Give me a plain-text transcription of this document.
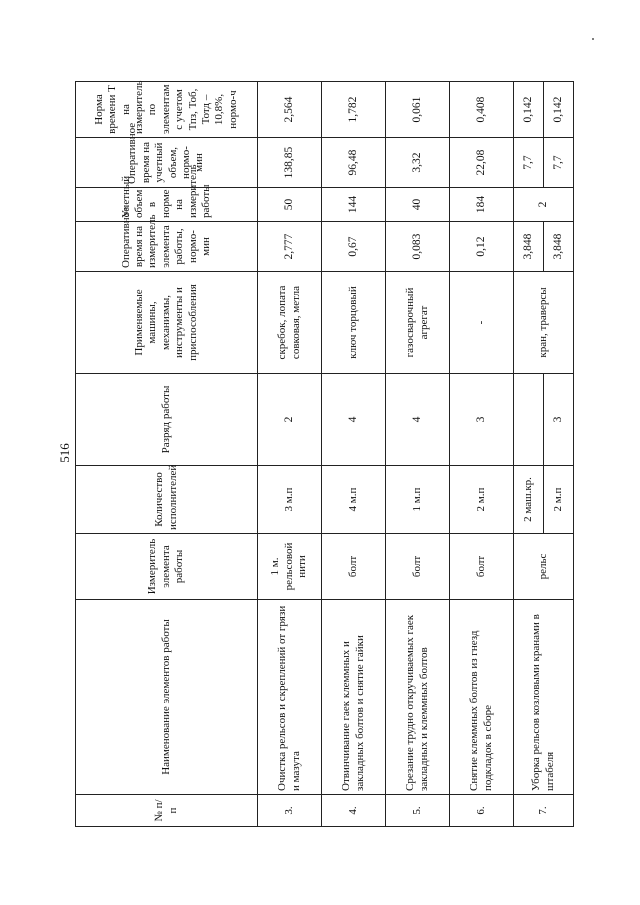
516
№ п/п	Наименование элементов работы	Измеритель элемента работы	Количество исполнителей	Разряд работы	Применяемые машины, механизмы, инструменты и приспособления	Оперативное время на измеритель элемента работы, нормо-мин	Учетный объем в норме на измеритель работы	Оперативное время на учетный объем, нормо-мин	Норма времени Т на измеритель по элементам с учетом Тпз, Тоб, Тотд – 10,8%, нормо-ч
3.	Очистка рельсов и скреплений от грязи и мазута	1 м. рельсовой нити	3 м.п	2	скребок, лопата совковая, метла	2,777	50	138,85	2,564
4.	Отвинчивание гаек клеммных и закладных болтов и снятие гайки	болт	4 м.п	4	ключ торцовый	0,67	144	96,48	1,782
5.	Срезание трудно откручиваемых гаек закладных и клеммных болтов	болт	1 м.п	4	газосварочный агрегат	0,083	40	3,32	0,061
6.	Снятие клеммных болтов из гнезд подкладок в сборе	болт	2 м.п	3	-	0,12	184	22,08	0,408
7.	Уборка рельсов козловыми кранами в штабеля	рельс	2 маш.кр.		кран, траверсы	3,848	2	7,7	0,142
			2 м.п	3		3,848		7,7	0,142
